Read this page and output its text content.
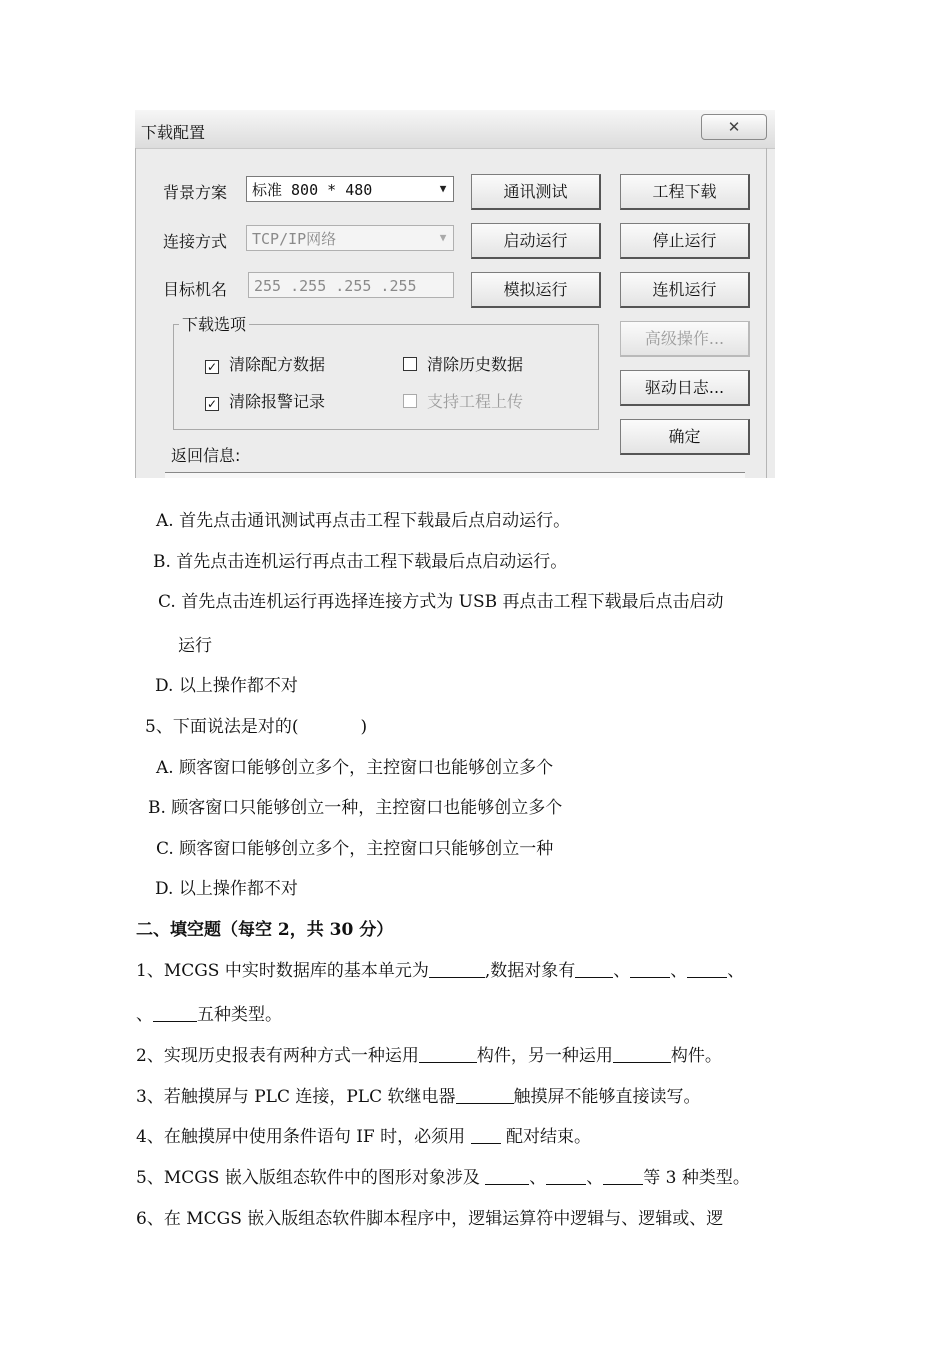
下载配置	✕
背景方案	标准 800 * 480	▼
连接方式	TCP/IP网络	▼
目标机名	255 .255 .255 .255
通讯测试
启动运行
模拟运行
工程下载
停止运行
连机运行
高级操作...
驱动日志...
确定
下载选项
✓ 清除配方数据	清除历史数据
✓ 清除报警记录	支持工程上传
返回信息:
A. 首先点击通讯测试再点击工程下载最后点启动运行。
B. 首先点击连机运行再点击工程下载最后点启动运行。
C. 首先点击连机运行再选择连接方式为 USB 再点击工程下载最后点击启动
运行
D. 以上操作都不对
5、下面说法是对的(	)
A. 顾客窗口能够创立多个，主控窗口也能够创立多个
B. 顾客窗口只能够创立一种，主控窗口也能够创立多个
C. 顾客窗口能够创立多个，主控窗口只能够创立一种
D. 以上操作都不对
二、填空题（每空 2，共 30 分）
1、MCGS 中实时数据库的基本单元为	,数据对象有 、 、 、
、	五种类型。
2、实现历史报表有两种方式一种运用	构件，另一种运用	构件。
3、若触摸屏与 PLC 连接，PLC 软继电器	触摸屏不能够直接读写。
4、在触摸屏中使用条件语句 IF 时，必须用 配对结束。
5、MCGS 嵌入版组态软件中的图形对象涉及	、 、 等 3 种类型。
6、在 MCGS 嵌入版组态软件脚本程序中，逻辑运算符中逻辑与、逻辑或、逻
